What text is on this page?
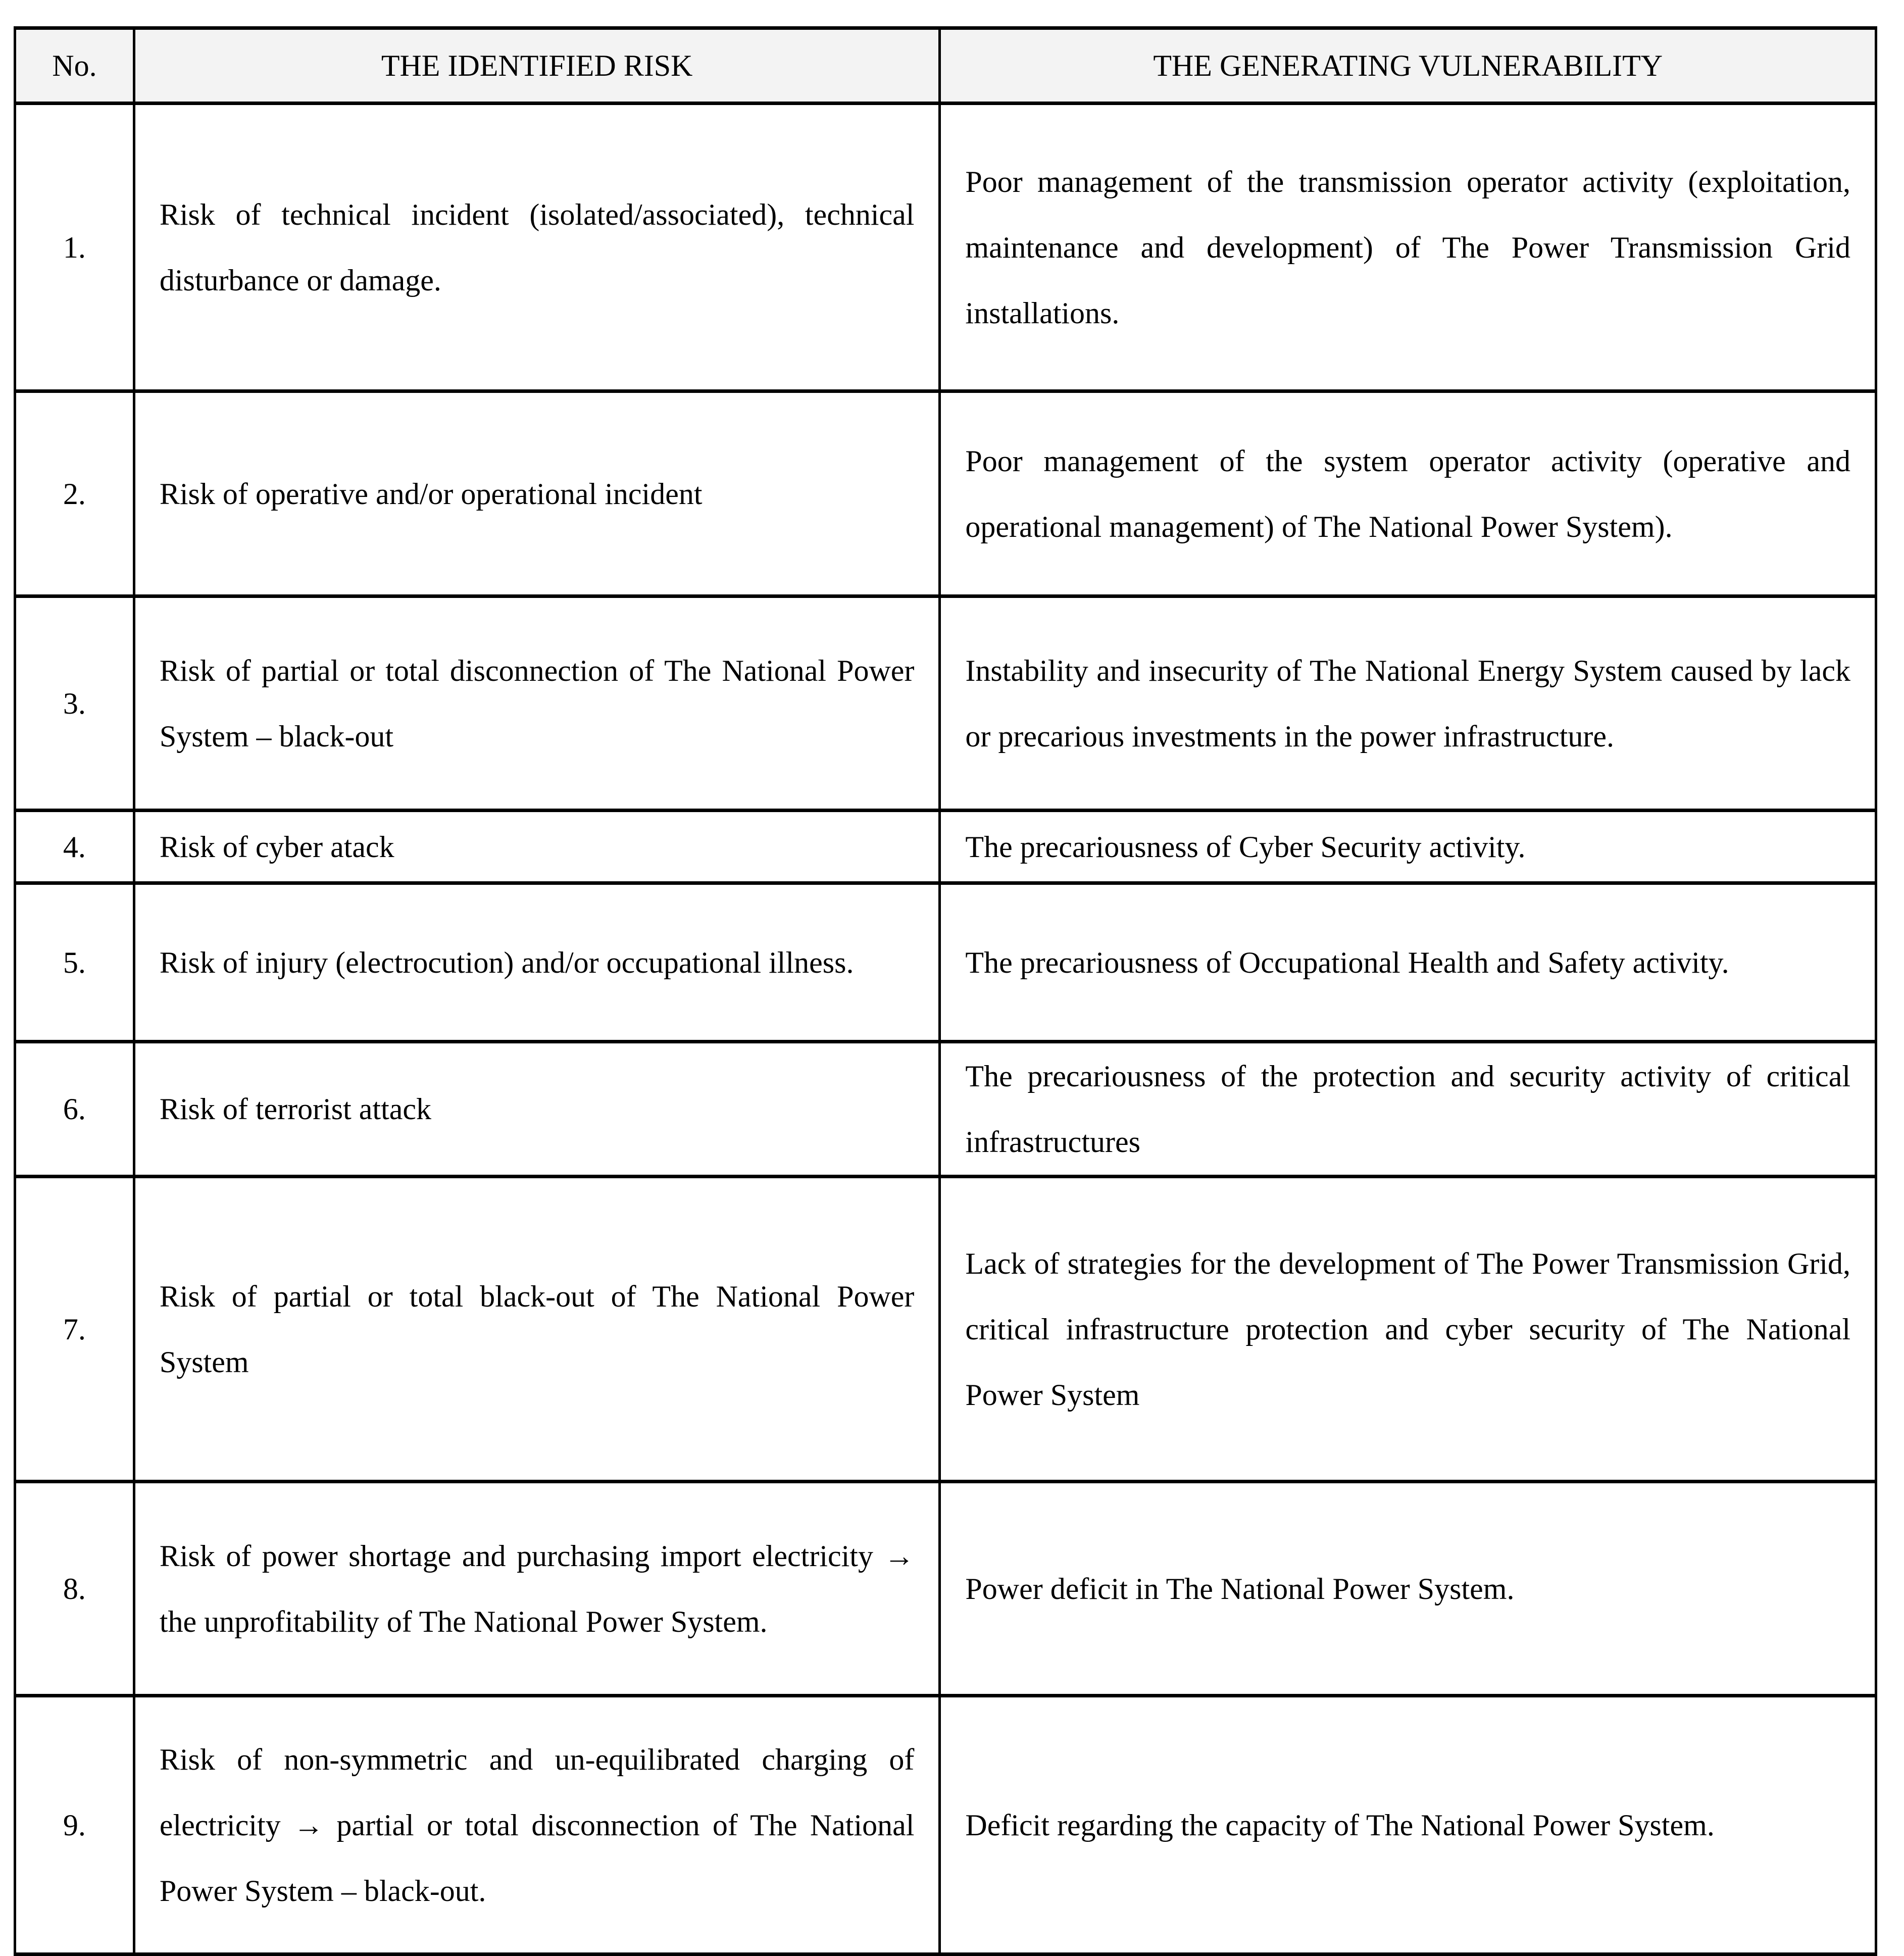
No.	THE IDENTIFIED RISK	THE GENERATING VULNERABILITY
1.	Risk of technical incident (isolated/associated), technical disturbance or damage.	Poor management of the transmission operator activity (exploitation, maintenance and development) of The Power Transmission Grid installations.
2.	Risk of operative and/or operational incident	Poor management of the system operator activity (operative and operational management) of The National Power System).
3.	Risk of partial or total disconnection of The National Power System – black-out	Instability and insecurity of The National Energy System caused by lack or precarious investments in the power infrastructure.
4.	Risk of cyber atack	The precariousness of Cyber Security activity.
5.	Risk of injury (electrocution) and/or occupational illness.	The precariousness of Occupational Health and Safety activity.
6.	Risk of terrorist attack	The precariousness of the protection and security activity of critical infrastructures
7.	Risk of partial or total black-out of The National Power System	Lack of strategies for the development of The Power Transmission Grid, critical infrastructure protection and cyber security of The National Power System
8.	Risk of power shortage and purchasing import electricity → the unprofitability of The National Power System.	Power deficit in The National Power System.
9.	Risk of non-symmetric and un-equilibrated charging of electricity → partial or total disconnection of The National Power System – black-out.	Deficit regarding the capacity of The National Power System.
